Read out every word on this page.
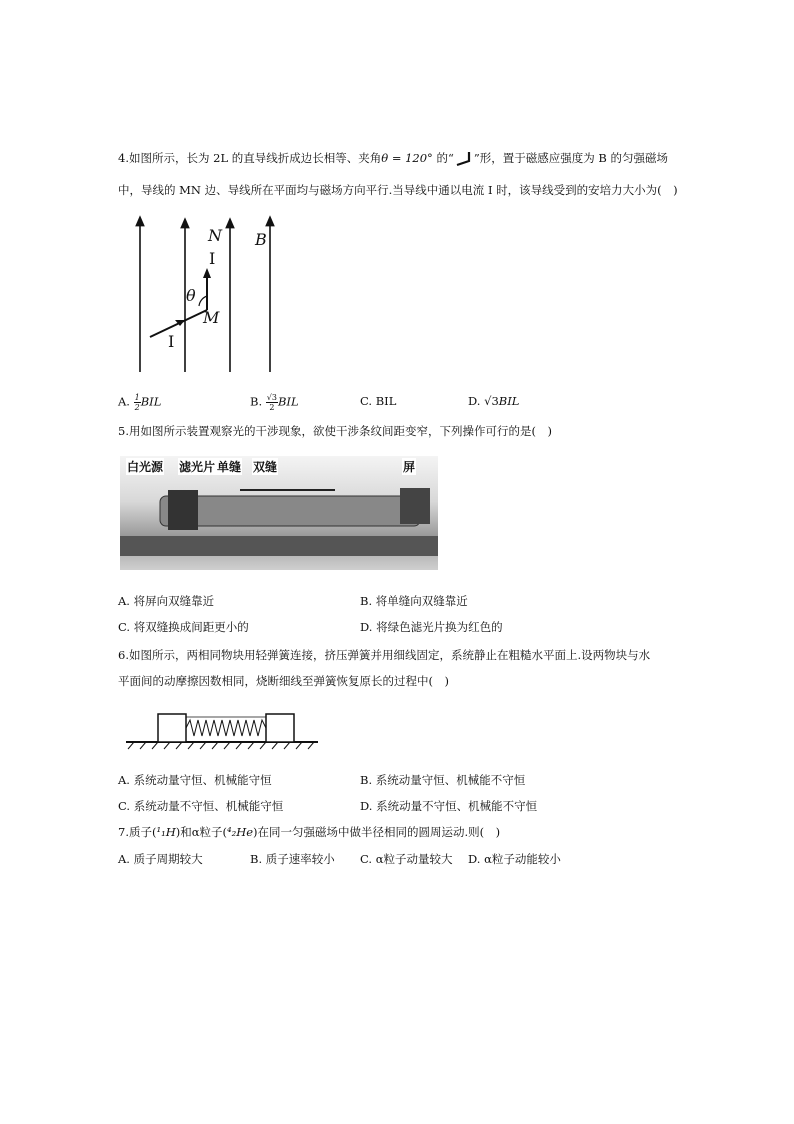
4.如图所示，长为 2L 的直导线折成边长相等、夹角θ = 120° 的“ ”形，置于磁感应强度为 B 的匀强磁场
中，导线的 MN 边、导线所在平面均与磁场方向平行.当导线中通以电流 I 时，该导线受到的安培力大小为(　)
N
I
θ
M
I
B
A. $\frac{1}{2}$ BIL	B. $\frac{√3}{2}$ BIL	C. BIL	D. √3BIL
5.用如图所示装置观察光的干涉现象，欲使干涉条纹间距变窄，下列操作可行的是(　)
白光源 滤光片 单缝 双缝	屏
A. 将屏向双缝靠近	B. 将单缝向双缝靠近
C. 将双缝换成间距更小的	D. 将绿色滤光片换为红色的
6.如图所示，两相同物块用轻弹簧连接，挤压弹簧并用细线固定，系统静止在粗糙水平面上.设两物块与水
平面间的动摩擦因数相同，烧断细线至弹簧恢复原长的过程中(　)
A. 系统动量守恒、机械能守恒	B. 系统动量守恒、机械能不守恒
C. 系统动量不守恒、机械能守恒	D. 系统动量不守恒、机械能不守恒
7.质子(¹₁H)和α粒子(⁴₂He)在同一匀强磁场中做半径相同的圆周运动.则(　)
A. 质子周期较大	B. 质子速率较小 C. α粒子动量较大 D. α粒子动能较小
